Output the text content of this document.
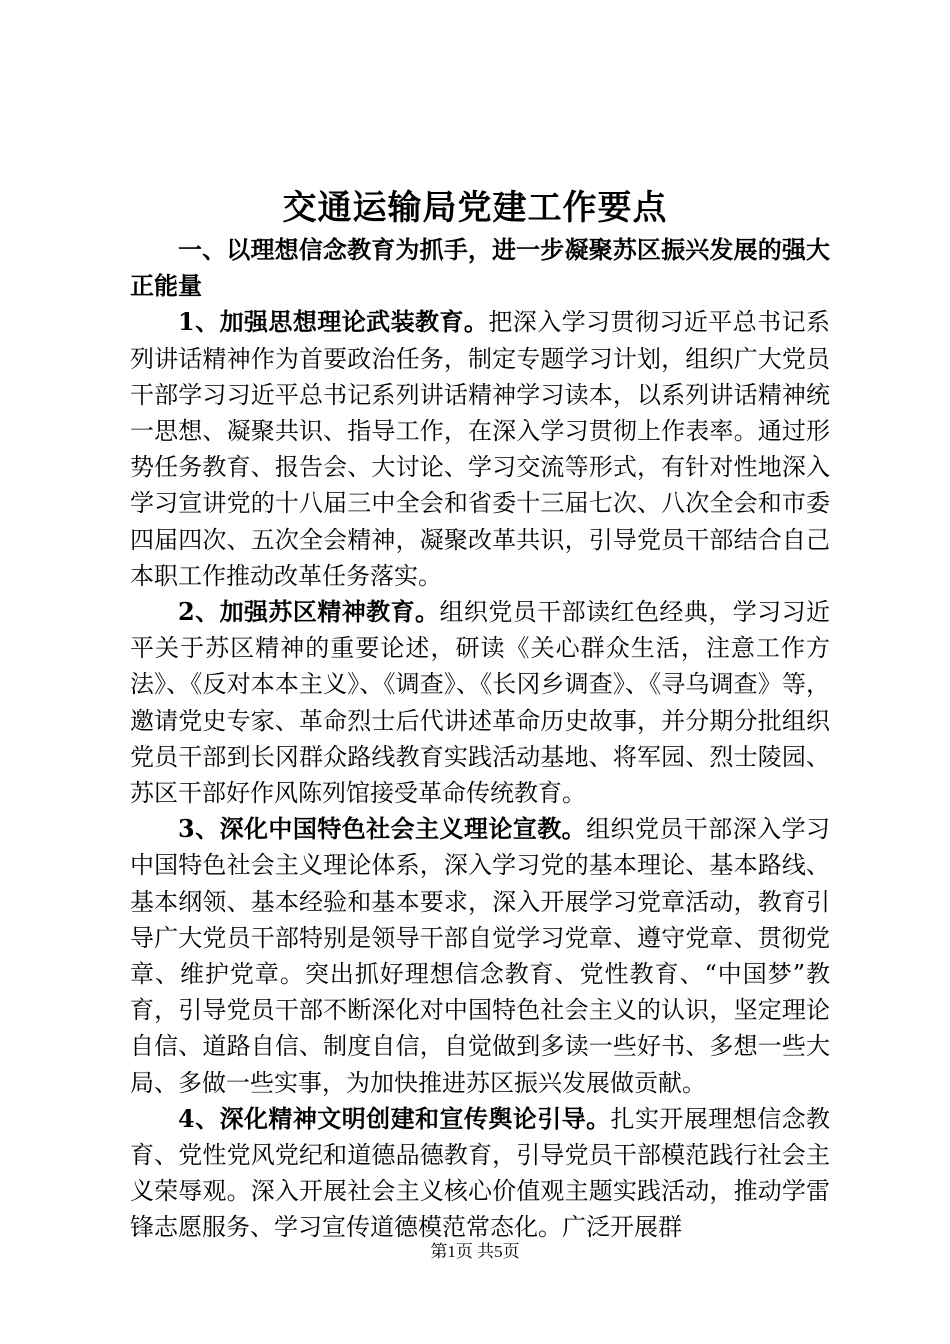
交通运输局党建工作要点

一、以理想信念教育为抓手，进一步凝聚苏区振兴发展的强大正能量

1、加强思想理论武装教育。把深入学习贯彻习近平总书记系列讲话精神作为首要政治任务，制定专题学习计划，组织广大党员干部学习习近平总书记系列讲话精神学习读本，以系列讲话精神统一思想、凝聚共识、指导工作，在深入学习贯彻上作表率。通过形势任务教育、报告会、大讨论、学习交流等形式，有针对性地深入学习宣讲党的十八届三中全会和省委十三届七次、八次全会和市委四届四次、五次全会精神，凝聚改革共识，引导党员干部结合自己本职工作推动改革任务落实。

2、加强苏区精神教育。组织党员干部读红色经典，学习习近平关于苏区精神的重要论述，研读《关心群众生活，注意工作方法》、《反对本本主义》、《调查》、《长冈乡调查》、《寻乌调查》等，邀请党史专家、革命烈士后代讲述革命历史故事，并分期分批组织党员干部到长冈群众路线教育实践活动基地、将军园、烈士陵园、苏区干部好作风陈列馆接受革命传统教育。

3、深化中国特色社会主义理论宣教。组织党员干部深入学习中国特色社会主义理论体系，深入学习党的基本理论、基本路线、基本纲领、基本经验和基本要求，深入开展学习党章活动，教育引导广大党员干部特别是领导干部自觉学习党章、遵守党章、贯彻党章、维护党章。突出抓好理想信念教育、党性教育、“中国梦”教育，引导党员干部不断深化对中国特色社会主义的认识，坚定理论自信、道路自信、制度自信，自觉做到多读一些好书、多想一些大局、多做一些实事，为加快推进苏区振兴发展做贡献。

4、深化精神文明创建和宣传舆论引导。扎实开展理想信念教育、党性党风党纪和道德品德教育，引导党员干部模范践行社会主义荣辱观。深入开展社会主义核心价值观主题实践活动，推动学雷锋志愿服务、学习宣传道德模范常态化。广泛开展群

第1页 共5页
